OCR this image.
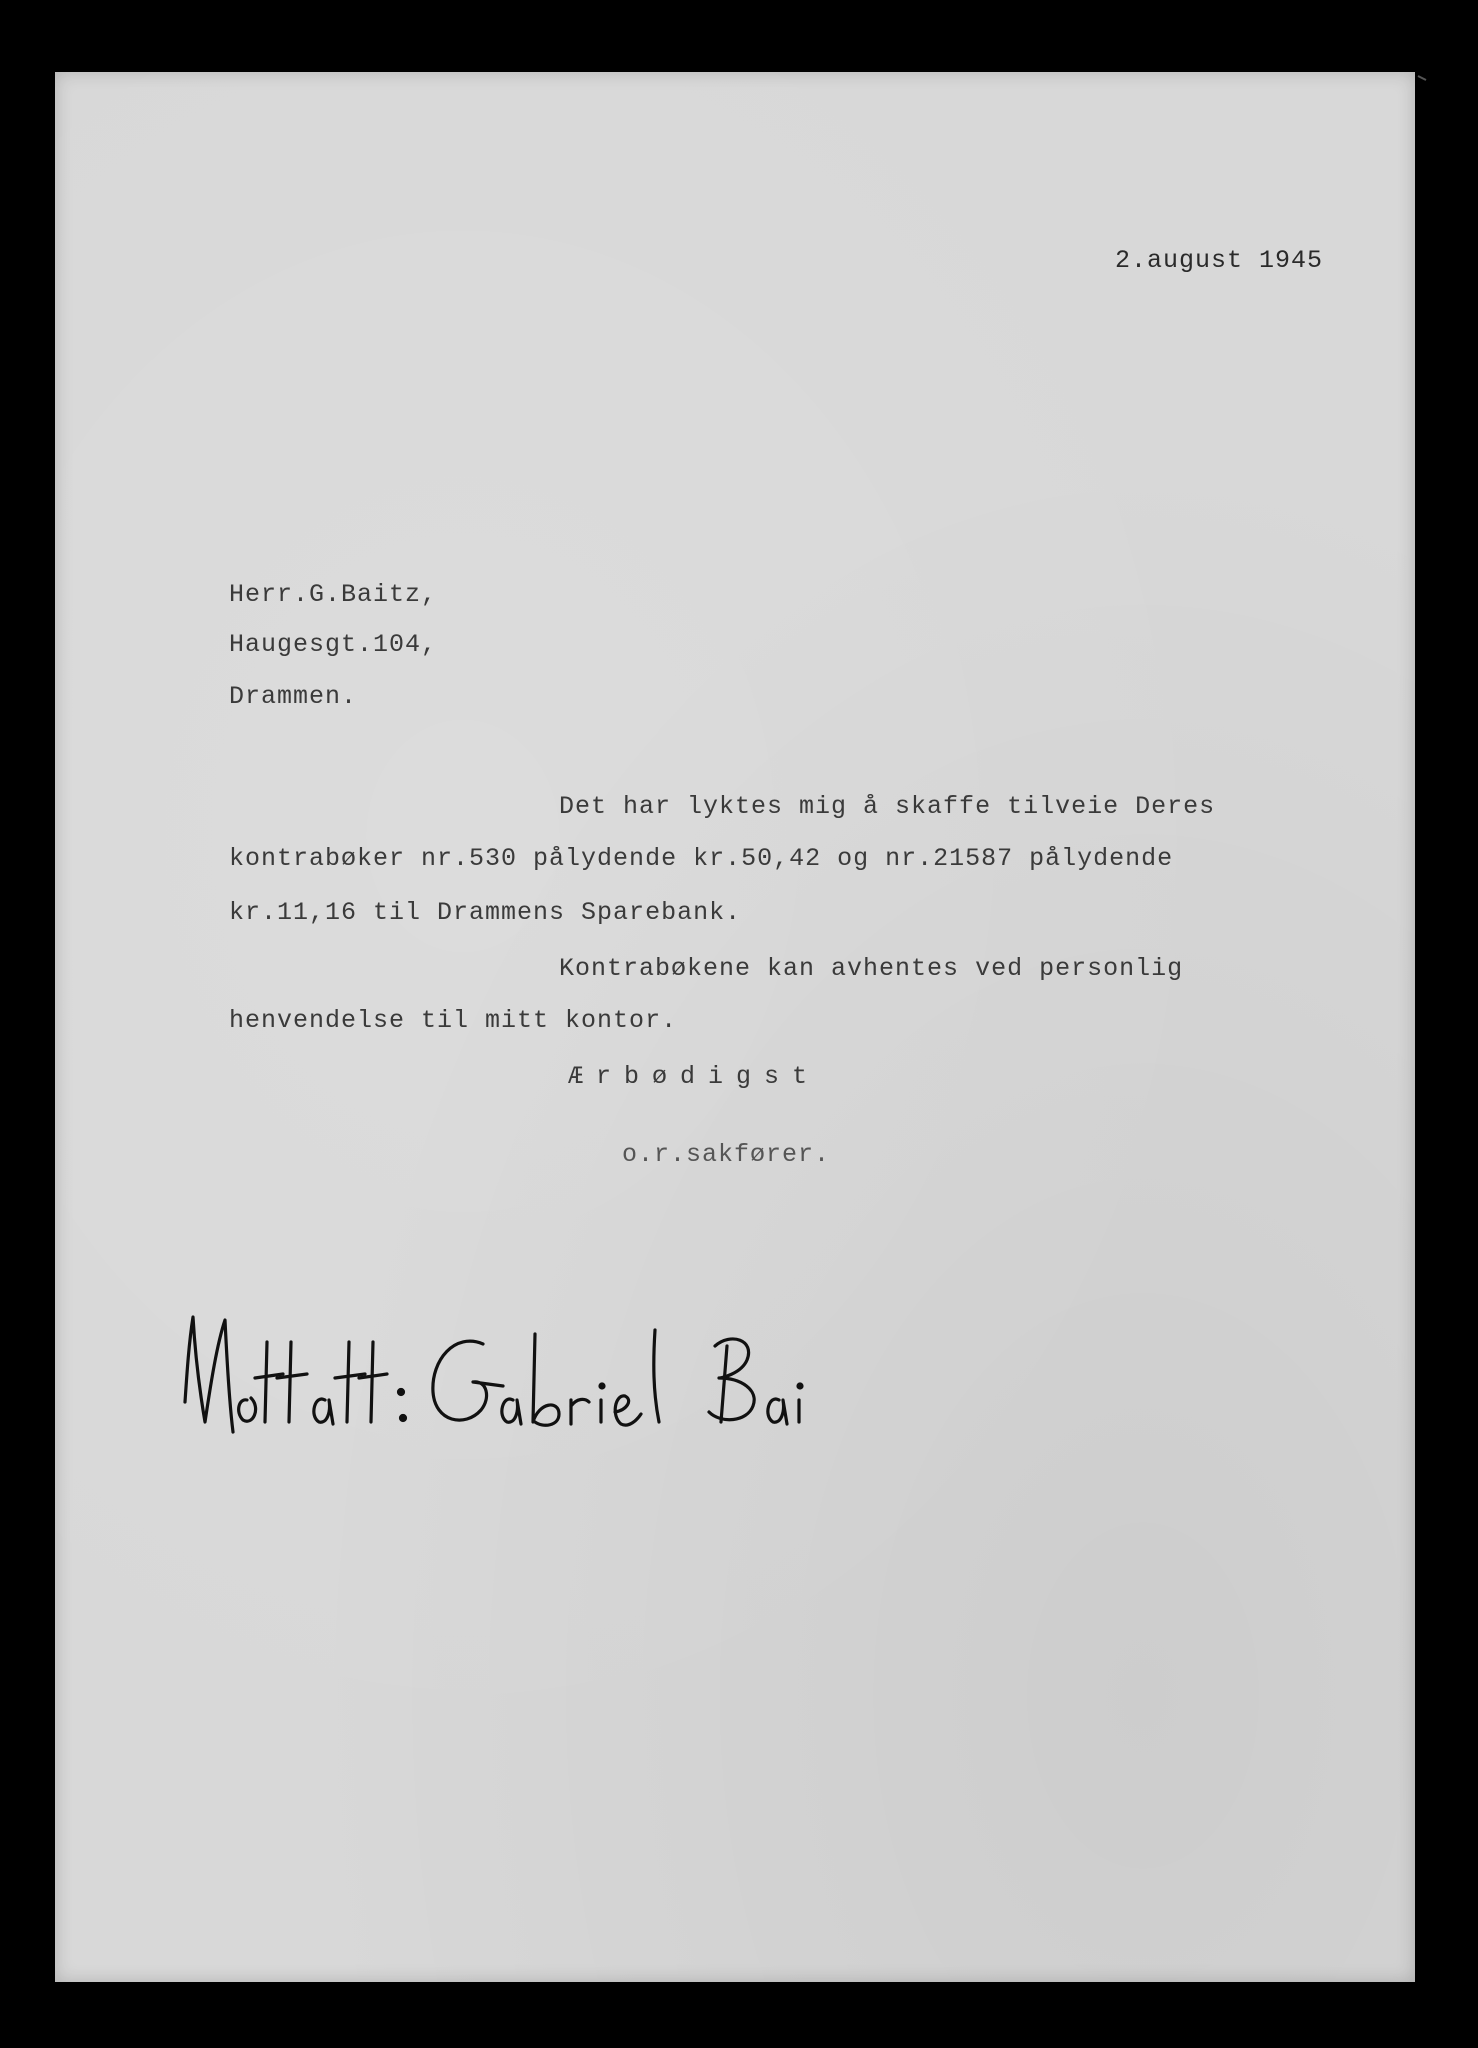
2.august 1945
Herr.G.Baitz,
Haugesgt.104,
Drammen.
Det har lyktes mig å skaffe tilveie Deres
kontrabøker nr.530 pålydende kr.50,42 og nr.21587 pålydende
kr.11,16 til Drammens Sparebank.
Kontrabøkene kan avhentes ved personlig
henvendelse til mitt kontor.
Ærbødigst
o.r.sakfører.
